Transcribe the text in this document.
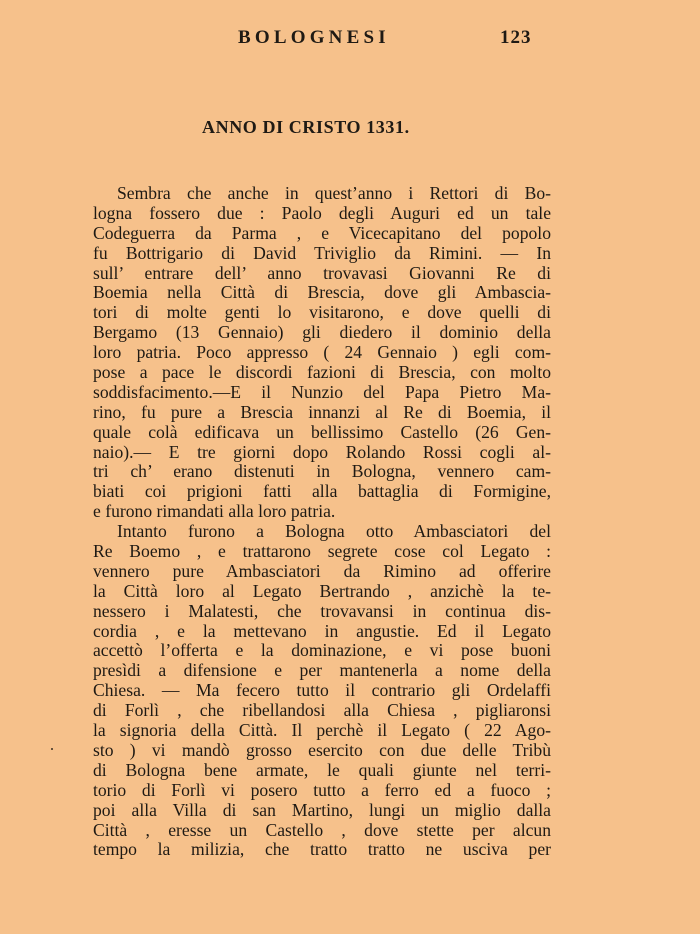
BOLOGNESI	123
ANNO DI CRISTO 1331.
Sembra che anche in quest’anno i Rettori di Bo-
logna fossero due : Paolo degli Auguri ed un tale
Codeguerra da Parma , e Vicecapitano del popolo
fu Bottrigario di David Triviglio da Rimini. — In
sull’ entrare dell’ anno trovavasi Giovanni Re di
Boemia nella Città di Brescia, dove gli Ambascia-
tori di molte genti lo visitarono, e dove quelli di
Bergamo (13 Gennaio) gli diedero il dominio della
loro patria. Poco appresso ( 24 Gennaio ) egli com-
pose a pace le discordi fazioni di Brescia, con molto
soddisfacimento.—E il Nunzio del Papa Pietro Ma-
rino, fu pure a Brescia innanzi al Re di Boemia, il
quale colà edificava un bellissimo Castello (26 Gen-
naio).— E tre giorni dopo Rolando Rossi cogli al-
tri ch’ erano distenuti in Bologna, vennero cam-
biati coi prigioni fatti alla battaglia di Formigine,
e furono rimandati alla loro patria.
Intanto furono a Bologna otto Ambasciatori del
Re Boemo , e trattarono segrete cose col Legato :
vennero pure Ambasciatori da Rimino ad offerire
la Città loro al Legato Bertrando , anzichè la te-
nessero i Malatesti, che trovavansi in continua dis-
cordia , e la mettevano in angustie. Ed il Legato
accettò l’offerta e la dominazione, e vi pose buoni
presìdi a difensione e per mantenerla a nome della
Chiesa. — Ma fecero tutto il contrario gli Ordelaffi
di Forlì , che ribellandosi alla Chiesa , pigliaronsi
la signoria della Città. Il perchè il Legato ( 22 Ago-
sto ) vi mandò grosso esercito con due delle Tribù
di Bologna bene armate, le quali giunte nel terri-
torio di Forlì vi posero tutto a ferro ed a fuoco ;
poi alla Villa di san Martino, lungi un miglio dalla
Città , eresse un Castello , dove stette per alcun
tempo la milizia, che tratto tratto ne usciva per
